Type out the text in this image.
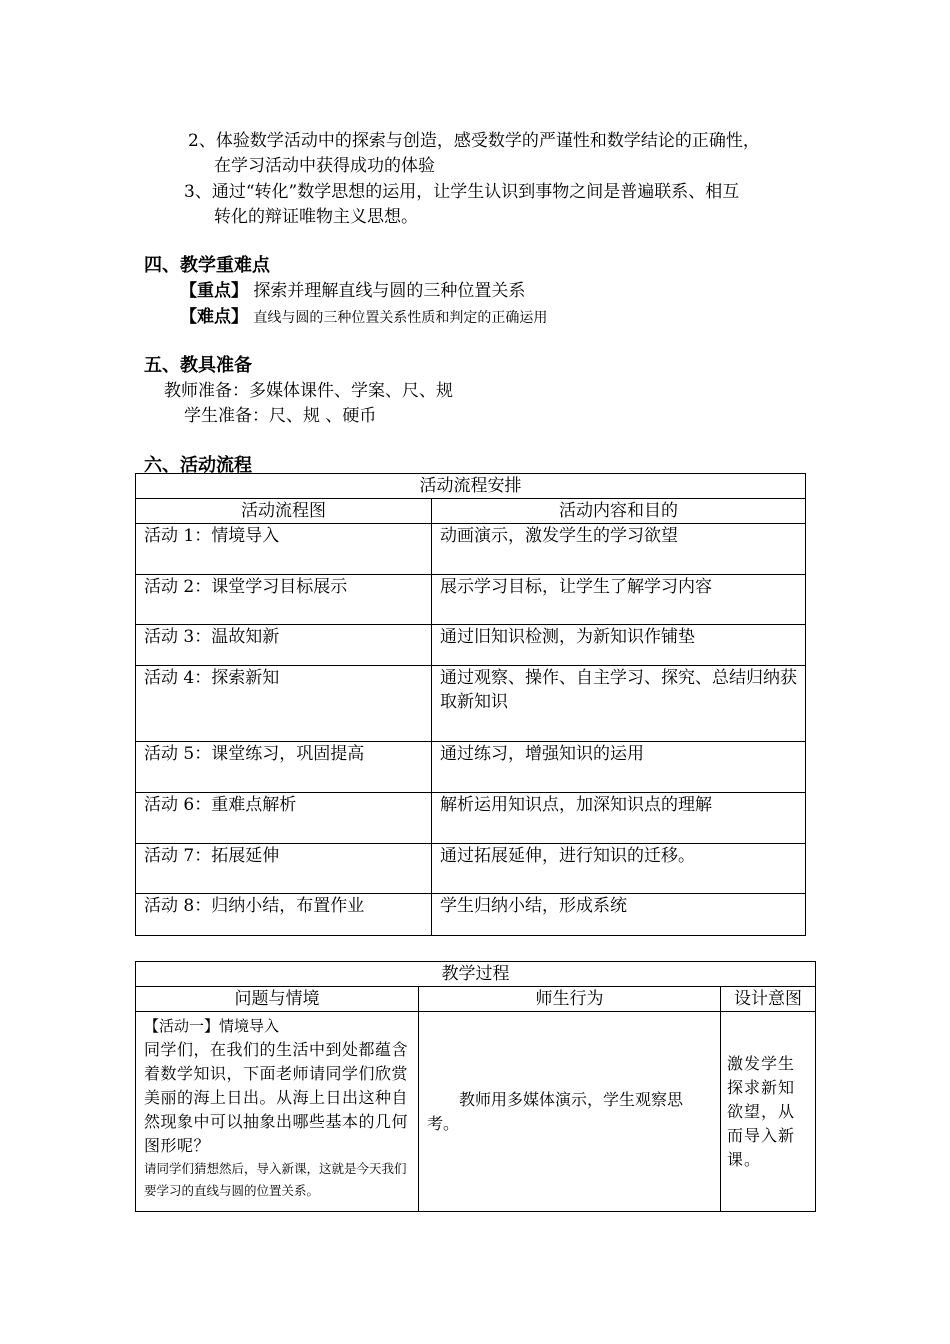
2、体验数学活动中的探索与创造，感受数学的严谨性和数学结论的正确性，
在学习活动中获得成功的体验
3、通过“转化”数学思想的运用，让学生认识到事物之间是普遍联系、相互
转化的辩证唯物主义思想。
四、教学重难点
【重点】 探索并理解直线与圆的三种位置关系
【难点】 直线与圆的三种位置关系性质和判定的正确运用
五、教具准备
教师准备：多媒体课件、学案、尺、规
学生准备：尺、规 、硬币
六、活动流程
活动流程安排	
活动流程图	活动内容和目的
活动 1：情境导入	动画演示，激发学生的学习欲望
活动 2：课堂学习目标展示	展示学习目标，让学生了解学习内容
活动 3：温故知新	通过旧知识检测，为新知识作铺垫
活动 4：探索新知	通过观察、操作、自主学习、探究、总结归纳获取新知识
活动 5：课堂练习，巩固提高	通过练习，增强知识的运用
活动 6：重难点解析	解析运用知识点，加深知识点的理解
活动 7：拓展延伸	通过拓展延伸，进行知识的迁移。
活动 8：归纳小结，布置作业	学生归纳小结，形成系统
教学过程		
问题与情境	师生行为	设计意图

【活动一】情境导入
同学们，在我们的生活中到处都蕴含着数学知识，下面老师请同学们欣赏美丽的海上日出。从海上日出这种自然现象中可以抽象出哪些基本的几何图形呢？
请同学们猜想然后，导入新课，这就是今天我们要学习的直线与圆的位置关系。	教师用多媒体演示，学生观察思考。	激发学生探求新知欲望，从而导入新课。
